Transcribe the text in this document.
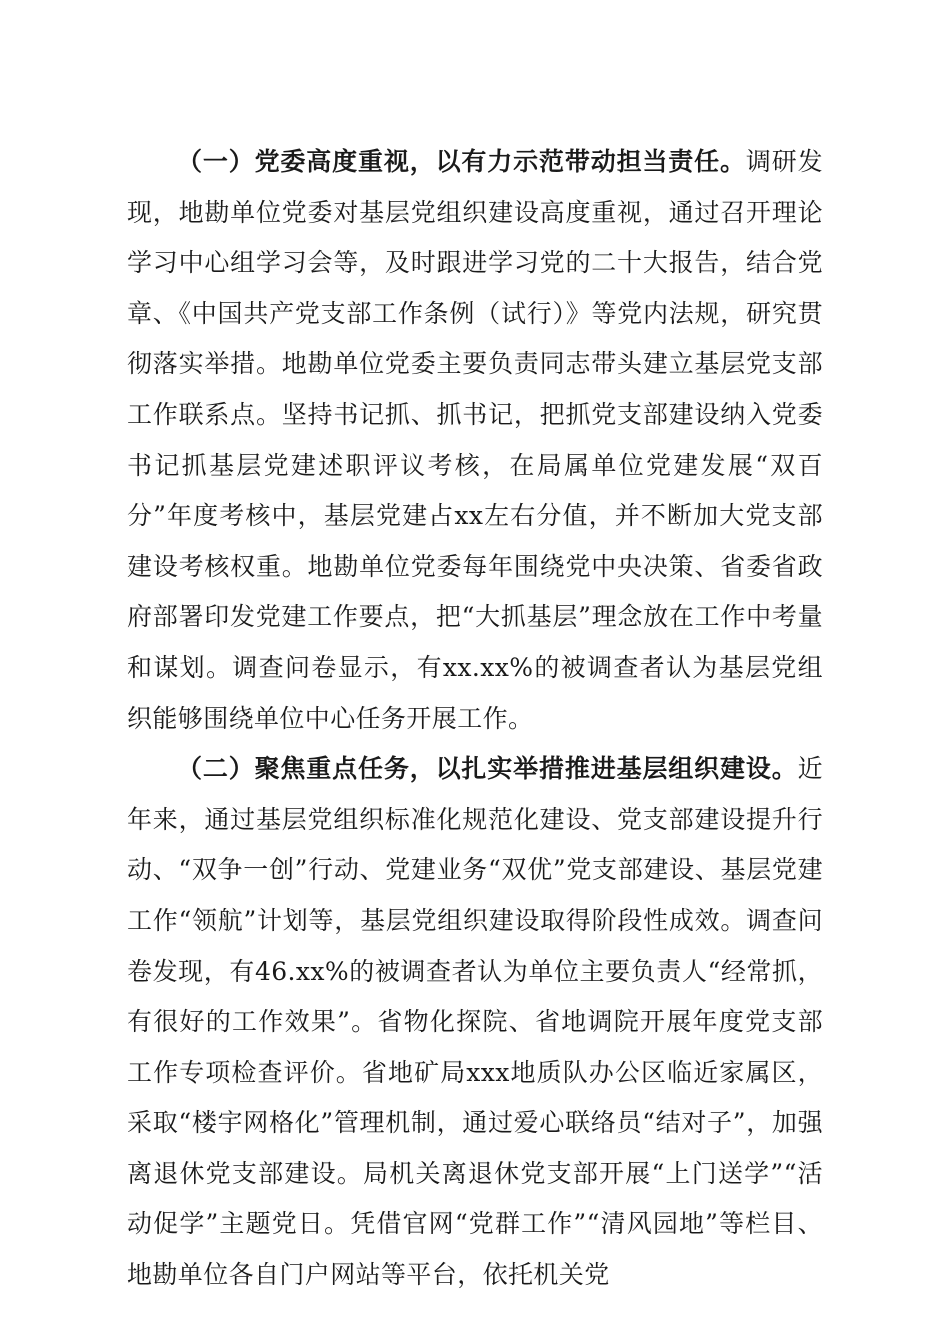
（一）党委高度重视，以有力示范带动担当责任。调研发现，地勘单位党委对基层党组织建设高度重视，通过召开理论学习中心组学习会等，及时跟进学习党的二十大报告，结合党章、《中国共产党支部工作条例（试行）》等党内法规，研究贯彻落实举措。地勘单位党委主要负责同志带头建立基层党支部工作联系点。坚持书记抓、抓书记，把抓党支部建设纳入党委书记抓基层党建述职评议考核，在局属单位党建发展“双百分”年度考核中，基层党建占xx左右分值，并不断加大党支部建设考核权重。地勘单位党委每年围绕党中央决策、省委省政府部署印发党建工作要点，把“大抓基层”理念放在工作中考量和谋划。调查问卷显示，有xx.xx%的被调查者认为基层党组织能够围绕单位中心任务开展工作。

（二）聚焦重点任务，以扎实举措推进基层组织建设。近年来，通过基层党组织标准化规范化建设、党支部建设提升行动、“双争一创”行动、党建业务“双优”党支部建设、基层党建工作“领航”计划等，基层党组织建设取得阶段性成效。调查问卷发现，有46.xx%的被调查者认为单位主要负责人“经常抓，有很好的工作效果”。省物化探院、省地调院开展年度党支部工作专项检查评价。省地矿局xxx地质队办公区临近家属区，采取“楼宇网格化”管理机制，通过爱心联络员“结对子”，加强离退休党支部建设。局机关离退休党支部开展“上门送学”“活动促学”主题党日。凭借官网“党群工作”“清风园地”等栏目、地勘单位各自门户网站等平台，依托机关党
